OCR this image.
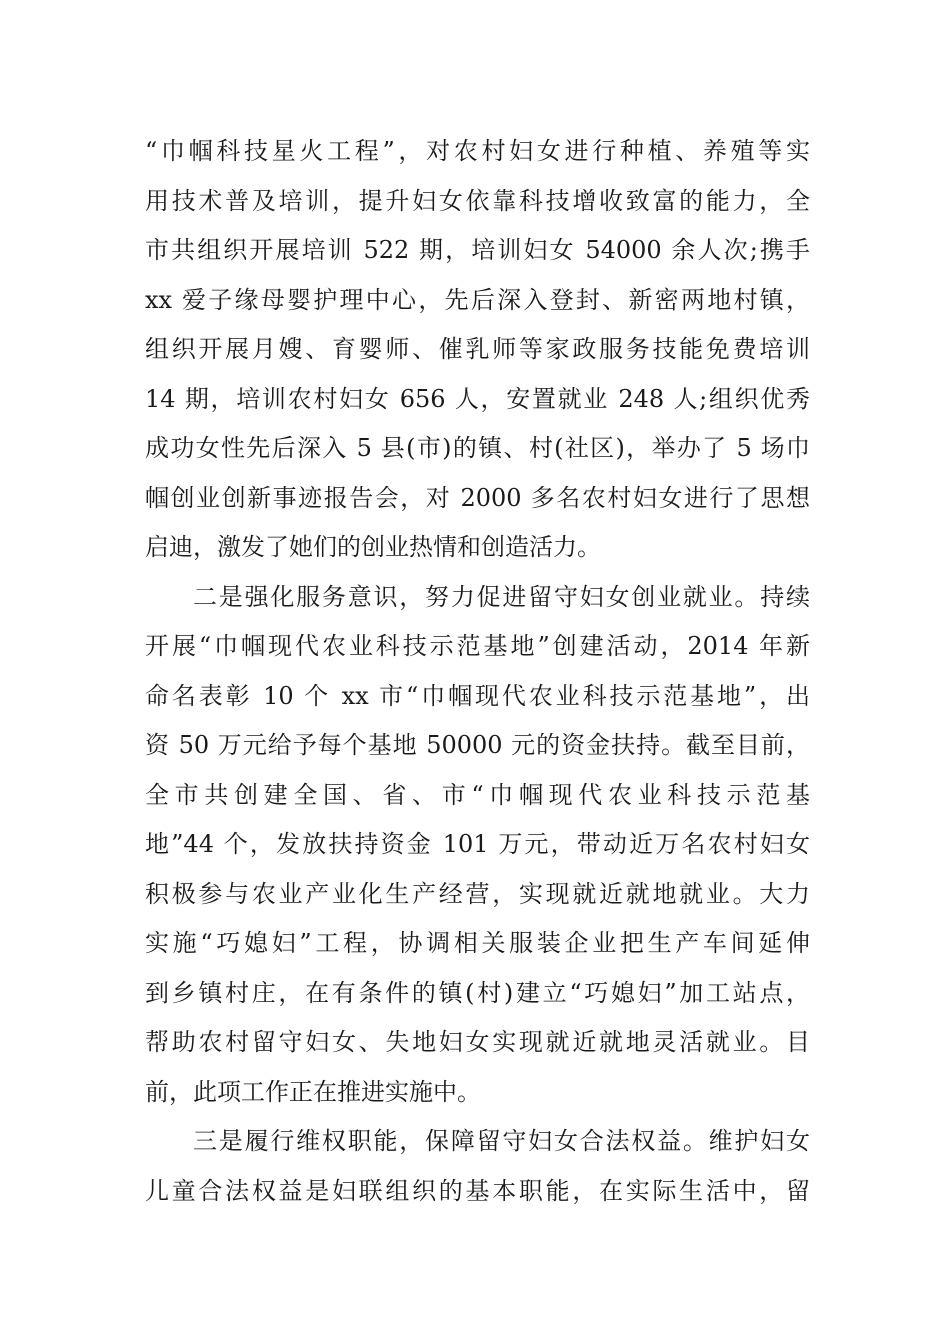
“巾帼科技星火工程”，对农村妇女进行种植、养殖等实
用技术普及培训，提升妇女依靠科技增收致富的能力，全
市共组织开展培训 522 期，培训妇女 54000 余人次;携手
xx 爱子缘母婴护理中心，先后深入登封、新密两地村镇，
组织开展月嫂、育婴师、催乳师等家政服务技能免费培训
14 期，培训农村妇女 656 人，安置就业 248 人;组织优秀
成功女性先后深入 5 县(市)的镇、村(社区)，举办了 5 场巾
帼创业创新事迹报告会，对 2000 多名农村妇女进行了思想
启迪，激发了她们的创业热情和创造活力。
二是强化服务意识，努力促进留守妇女创业就业。持续
开展“巾帼现代农业科技示范基地”创建活动，2014 年新
命名表彰 10 个 xx 市“巾帼现代农业科技示范基地”，出
资 50 万元给予每个基地 50000 元的资金扶持。截至目前，
全市共创建全国、省、市“巾帼现代农业科技示范基
地”44 个，发放扶持资金 101 万元，带动近万名农村妇女
积极参与农业产业化生产经营，实现就近就地就业。大力
实施“巧媳妇”工程，协调相关服装企业把生产车间延伸
到乡镇村庄，在有条件的镇(村)建立“巧媳妇”加工站点，
帮助农村留守妇女、失地妇女实现就近就地灵活就业。目
前，此项工作正在推进实施中。
三是履行维权职能，保障留守妇女合法权益。维护妇女
儿童合法权益是妇联组织的基本职能，在实际生活中，留
